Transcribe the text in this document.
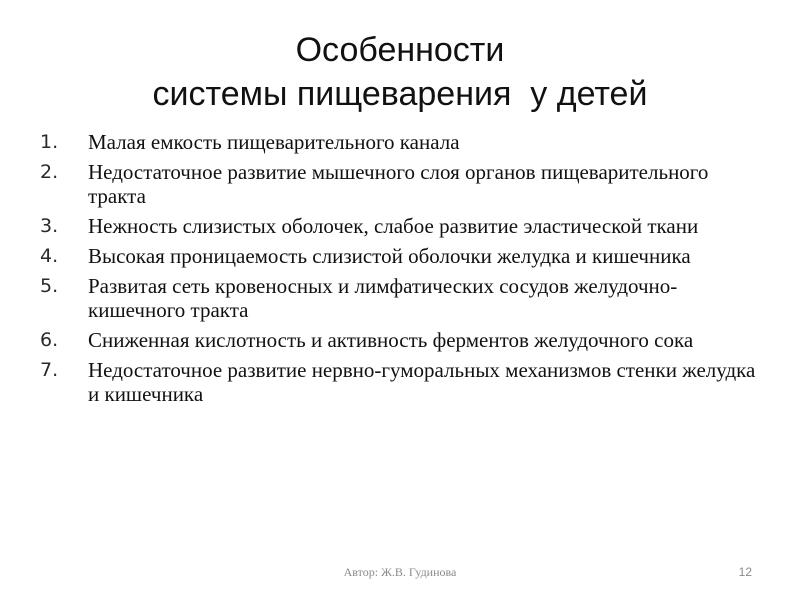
Особенности
системы пищеварения  у детей
1.	Малая емкость пищеварительного канала
2.	Недостаточное развитие мышечного слоя органов пищеварительного тракта
3.	Нежность слизистых оболочек, слабое развитие эластической ткани
4.	Высокая проницаемость слизистой оболочки желудка и кишечника
5.	Развитая сеть кровеносных и лимфатических сосудов желудочно-кишечного тракта
6.	Сниженная кислотность и активность ферментов желудочного сока
7.	Недостаточное развитие нервно-гуморальных механизмов стенки желудка и кишечника
Автор: Ж.В. Гудинова	12
